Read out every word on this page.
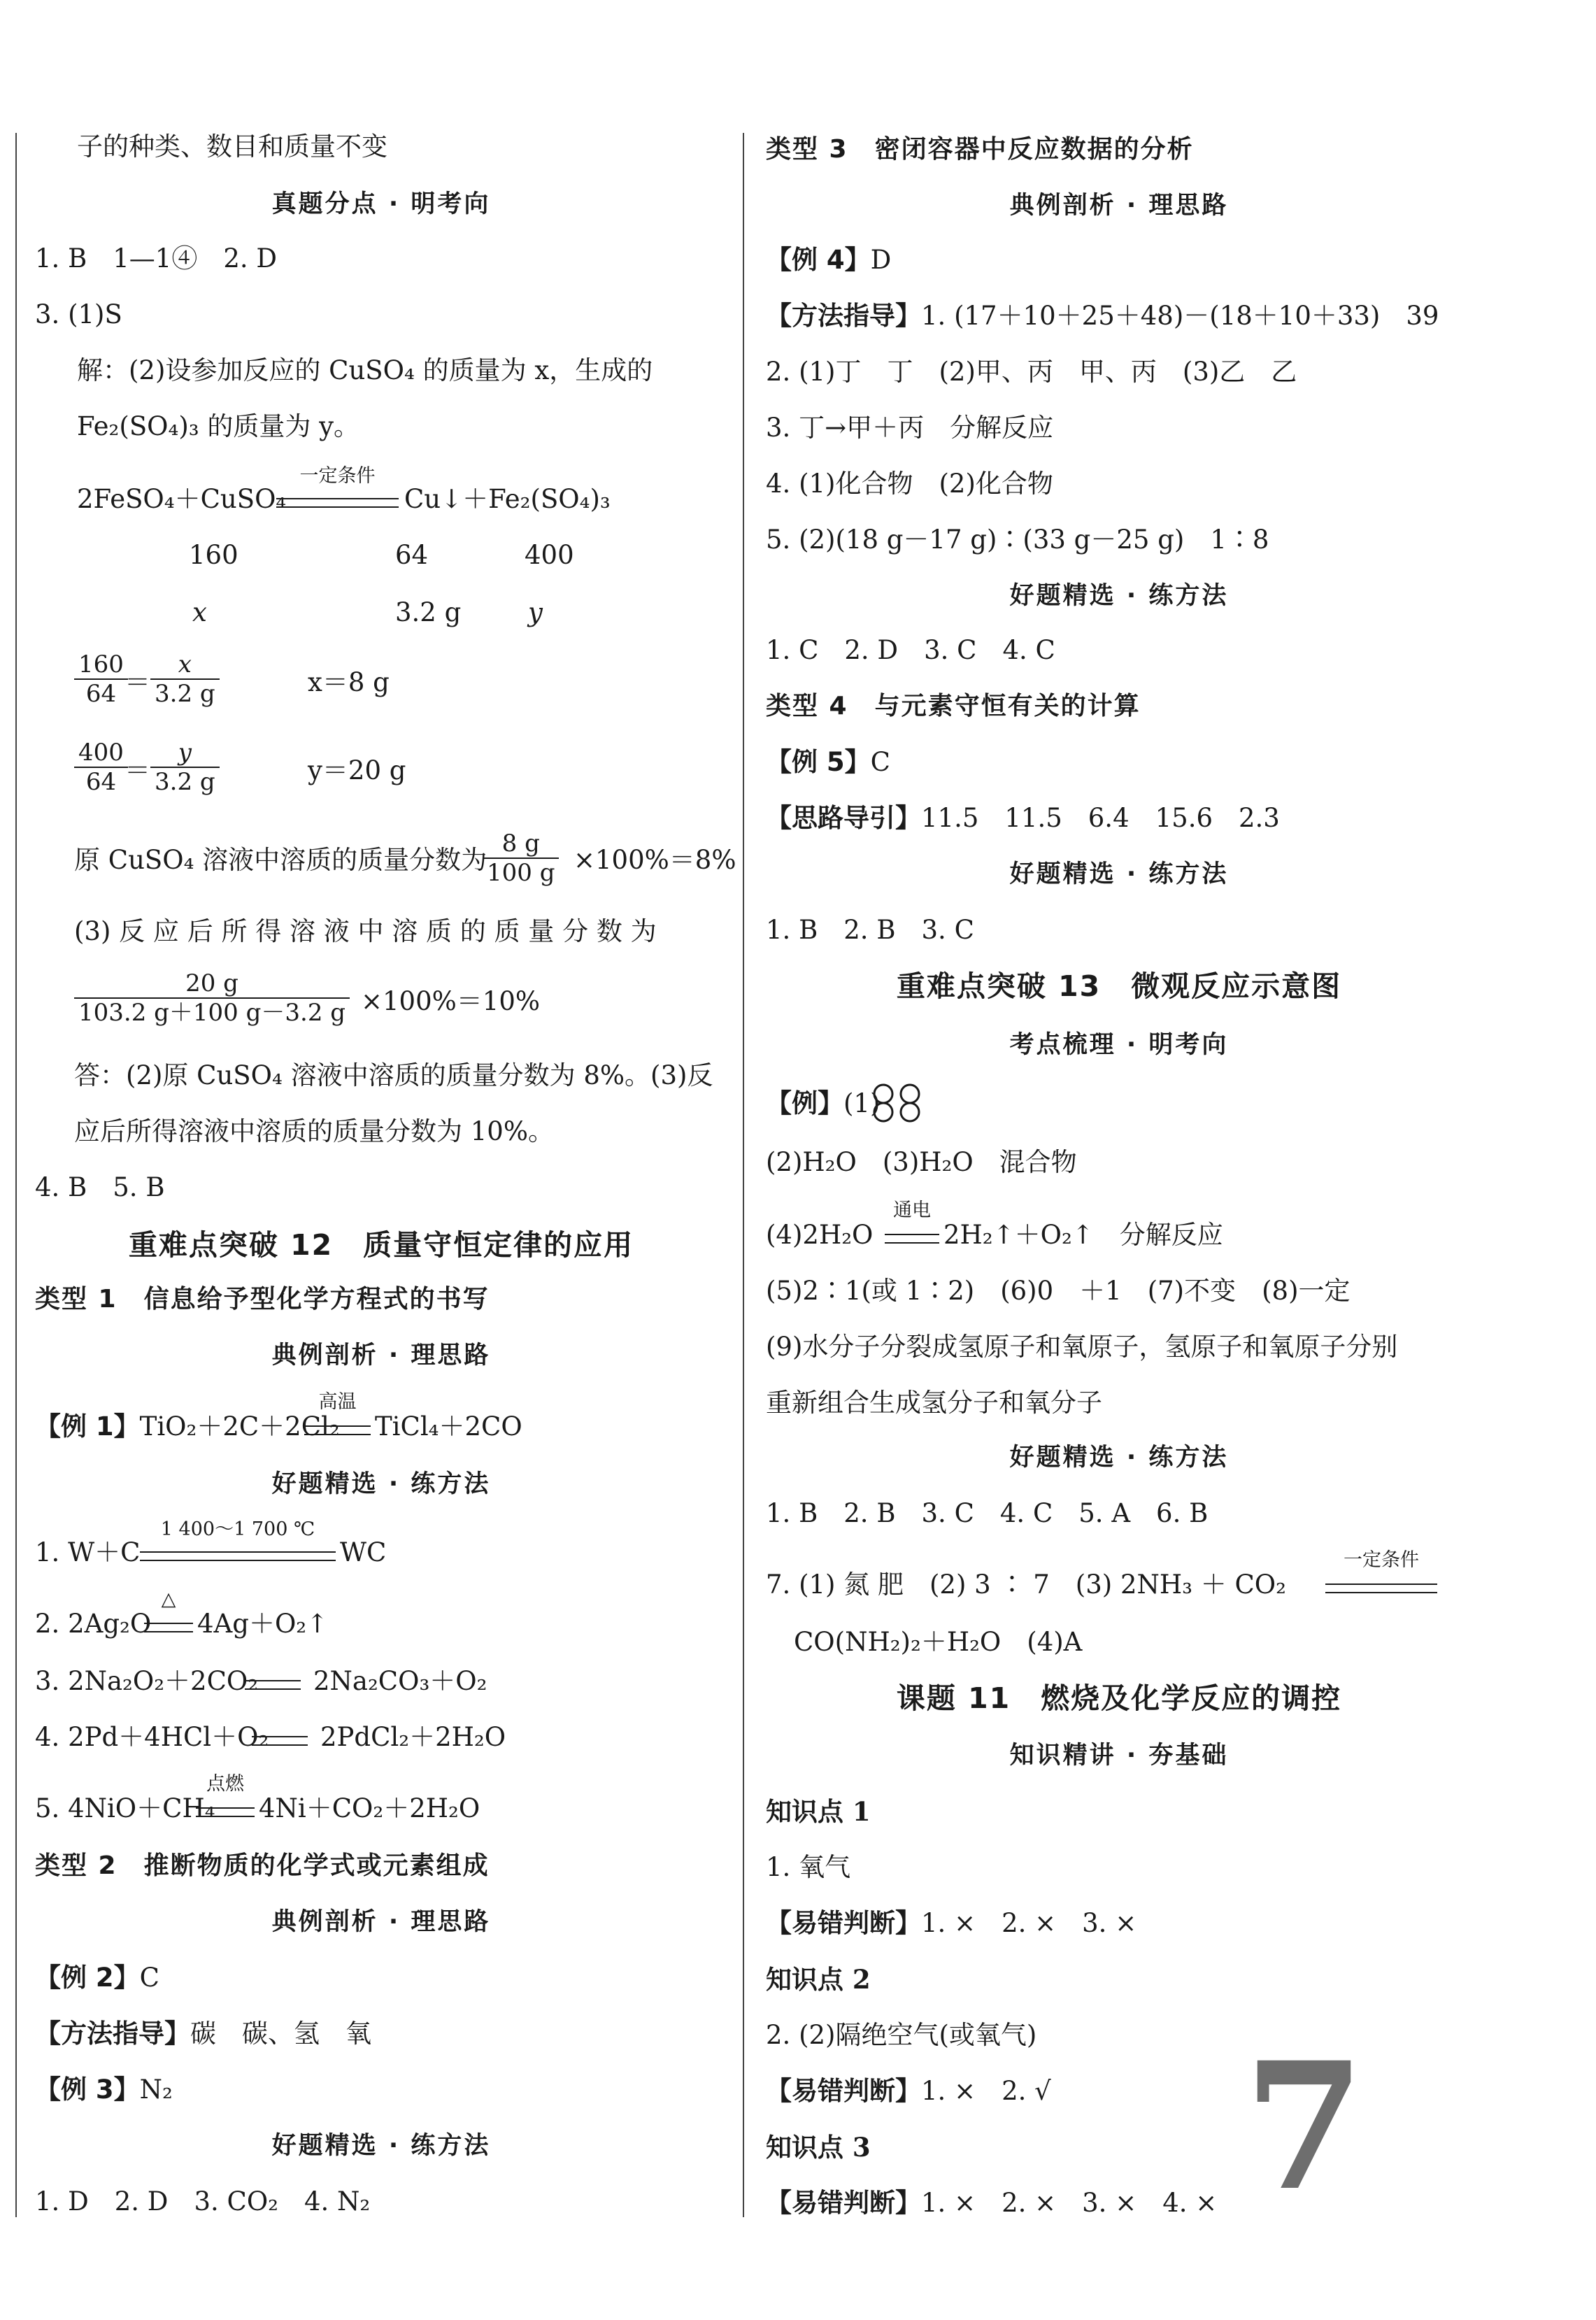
子的种类、数目和质量不变
真题分点 · 明考向
1. B　1—1④　2. D
3. (1)S
解：(2)设参加反应的 CuSO₄ 的质量为 x，生成的
Fe₂(SO₄)₃ 的质量为 y。
2FeSO₄＋CuSO₄
一定条件
Cu↓＋Fe₂(SO₄)₃
160	64	400
x	3.2 g	y
160
64 ＝
x
3.2 g	x＝8 g
400
64 ＝
y
3.2 g	y＝20 g
原 CuSO₄ 溶液中溶质的质量分数为
8 g
100 g ×100%＝8%
(3) 反 应 后 所 得 溶 液 中 溶 质 的 质 量 分 数 为
20 g
103.2 g＋100 g－3.2 g ×100%＝10%
答：(2)原 CuSO₄ 溶液中溶质的质量分数为 8%。(3)反
应后所得溶液中溶质的质量分数为 10%。
4. B　5. B
重难点突破 12　质量守恒定律的应用
类型 1　信息给予型化学方程式的书写
典例剖析 · 理思路
【例 1】TiO₂＋2C＋2Cl₂
高温
TiCl₄＋2CO
好题精选 · 练方法
1. W＋C
1 400～1 700 ℃
WC
2. 2Ag₂O
△
4Ag＋O₂↑
3. 2Na₂O₂＋2CO₂ 2Na₂CO₃＋O₂
4. 2Pd＋4HCl＋O₂ 2PdCl₂＋2H₂O
5. 4NiO＋CH₄
点燃
4Ni＋CO₂＋2H₂O
类型 2　推断物质的化学式或元素组成
典例剖析 · 理思路
【例 2】C
【方法指导】碳　碳、氢　氧
【例 3】N₂
好题精选 · 练方法
1. D　2. D　3. CO₂　4. N₂
类型 3　密闭容器中反应数据的分析
典例剖析 · 理思路
【例 4】D
【方法指导】1. (17＋10＋25＋48)－(18＋10＋33)　39
2. (1)丁　丁　(2)甲、丙　甲、丙　(3)乙　乙
3. 丁→甲＋丙　分解反应
4. (1)化合物　(2)化合物
5. (2)(18 g－17 g)∶(33 g－25 g)　1∶8
好题精选 · 练方法
1. C　2. D　3. C　4. C
类型 4　与元素守恒有关的计算
【例 5】C
【思路导引】11.5　11.5　6.4　15.6　2.3
好题精选 · 练方法
1. B　2. B　3. C
重难点突破 13　微观反应示意图
考点梳理 · 明考向
【例】(1)
(2)H₂O　(3)H₂O　混合物
(4)2H₂O
通电
2H₂↑＋O₂↑　分解反应
(5)2∶1(或 1∶2)　(6)0　＋1　(7)不变　(8)一定
(9)水分子分裂成氢原子和氧原子，氢原子和氧原子分别
重新组合生成氢分子和氧分子
好题精选 · 练方法
1. B　2. B　3. C　4. C　5. A　6. B
7. (1) 氮 肥　(2) 3 ∶ 7　(3) 2NH₃ ＋ CO₂
一定条件
CO(NH₂)₂＋H₂O　(4)A
课题 11　燃烧及化学反应的调控
知识精讲 · 夯基础
知识点 1
1. 氧气
【易错判断】1. ×　2. ×　3. ×
知识点 2
2. (2)隔绝空气(或氧气)
【易错判断】1. ×　2. √
知识点 3
【易错判断】1. ×　2. ×　3. ×　4. × 7
